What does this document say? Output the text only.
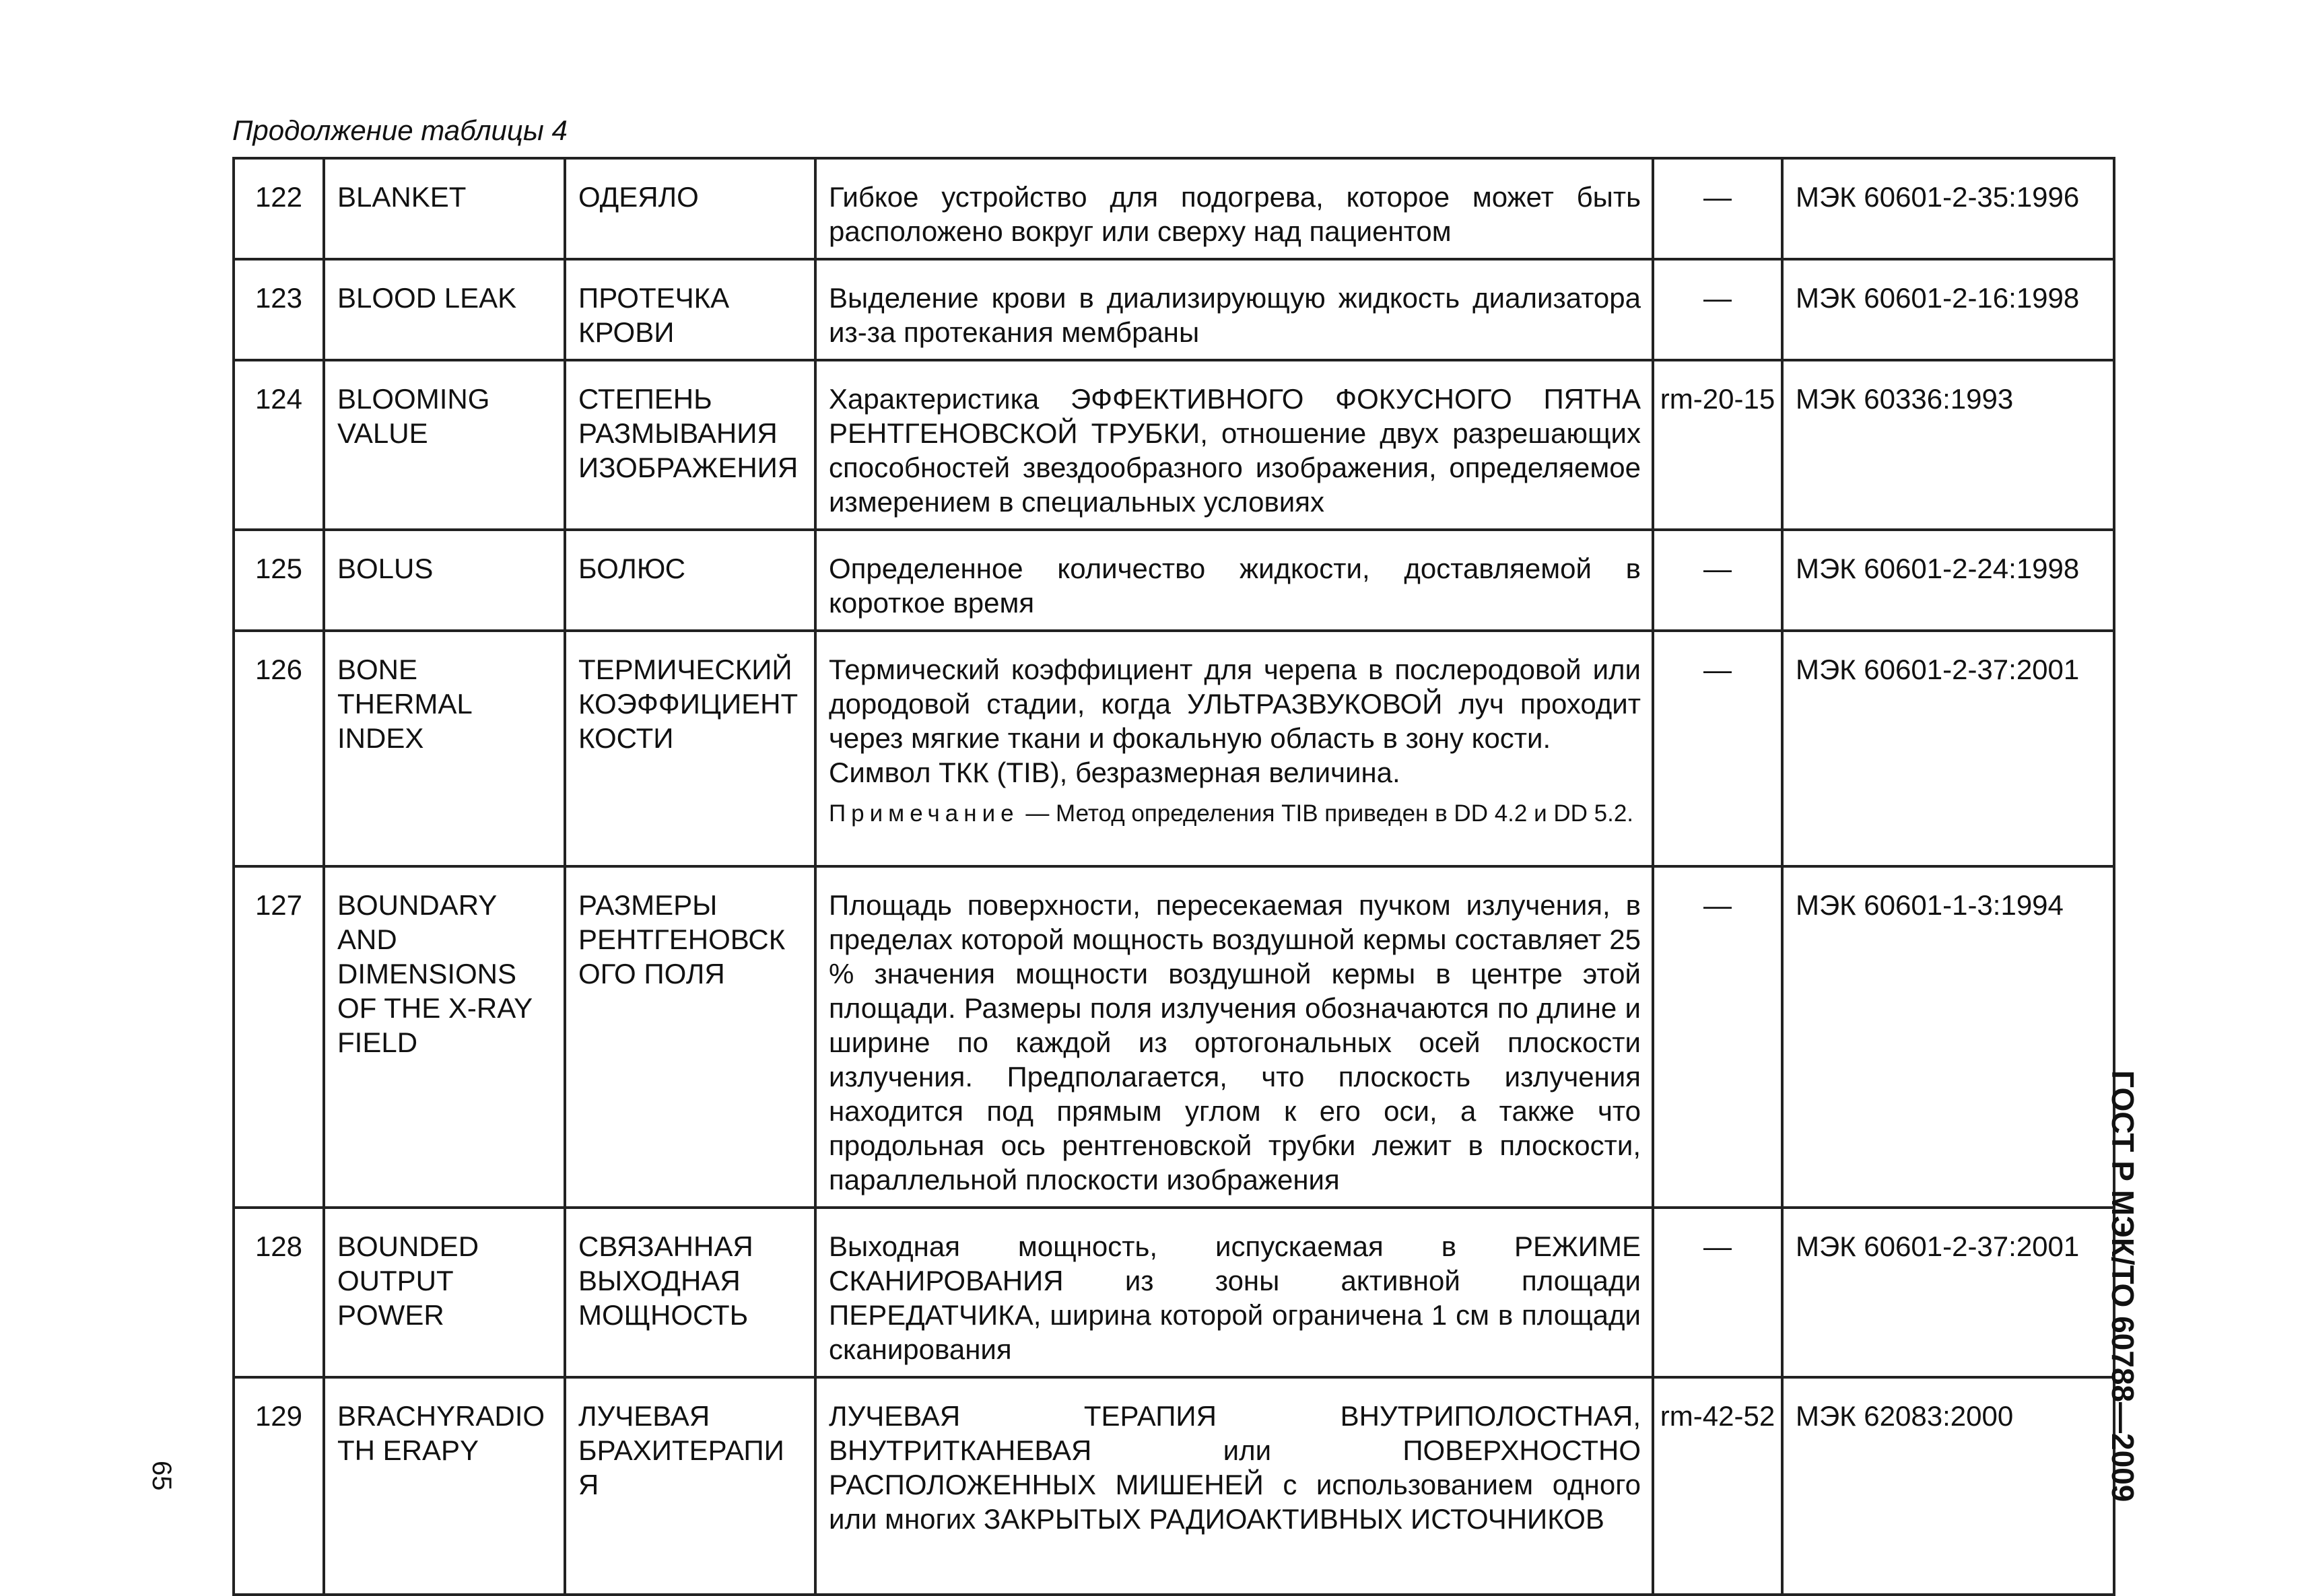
Продолжение таблицы 4
122	BLANKET	ОДЕЯЛО	Гибкое устройство для подогрева, которое может быть расположено вокруг или сверху над пациентом	—	МЭК 60601-2-35:1996
123	BLOOD LEAK	ПРОТЕЧКА КРОВИ	Выделение крови в диализирующую жидкость диализатора из-за протекания мембраны	—	МЭК 60601-2-16:1998
124	BLOOMING VALUE	СТЕПЕНЬ РАЗМЫВАНИЯ ИЗОБРАЖЕНИЯ	Характеристика ЭФФЕКТИВНОГО ФОКУСНОГО ПЯТНА РЕНТГЕНОВСКОЙ ТРУБКИ, отношение двух разрешающих способностей звездообразного изображения, определяемое измерением в специальных условиях	rm-20-15	МЭК 60336:1993
125	BOLUS	БОЛЮС	Определенное количество жидкости, доставляемой в короткое время	—	МЭК 60601-2-24:1998
126	BONE THERMAL INDEX	ТЕРМИЧЕСКИЙ КОЭФФИЦИЕНТ КОСТИ	Термический коэффициент для черепа в послеродовой или дородовой стадии, когда УЛЬТРАЗВУКОВОЙ луч проходит через мягкие ткани и фокальную область в зону кости.
Символ ТКК (TIB), безразмерная величина.
Примечание — Метод определения TIB приведен в DD 4.2 и DD 5.2.	—	МЭК 60601-2-37:2001
127	BOUNDARY AND DIMENSIONS OF THE X-RAY FIELD	РАЗМЕРЫ РЕНТГЕНОВСКОГО ПОЛЯ	Площадь поверхности, пересекаемая пучком излучения, в пределах которой мощность воздушной кермы составляет 25 % значения мощности воздушной кермы в центре этой площади. Размеры поля излучения обозначаются по длине и ширине по каждой из ортогональных осей плоскости излучения. Предполагается, что плоскость излучения находится под прямым углом к его оси, а также что продольная ось рентгеновской трубки лежит в плоскости, параллельной плоскости изображения	—	МЭК 60601-1-3:1994
128	BOUNDED OUTPUT POWER	СВЯЗАННАЯ ВЫХОДНАЯ МОЩНОСТЬ	Выходная мощность, испускаемая в РЕЖИМЕ СКАНИРОВАНИЯ из зоны активной площади ПЕРЕДАТЧИКА, ширина которой ограничена 1 см в площади сканирования	—	МЭК 60601-2-37:2001
129	BRACHYRADIOTH ERAPY	ЛУЧЕВАЯ БРАХИТЕРАПИЯ	ЛУЧЕВАЯ ТЕРАПИЯ ВНУТРИПОЛОСТНАЯ, ВНУТРИТКАНЕВАЯ или ПОВЕРХНОСТНО РАСПОЛОЖЕННЫХ МИШЕНЕЙ с использованием одного или многих ЗАКРЫТЫХ РАДИОАКТИВНЫХ ИСТОЧНИКОВ	rm-42-52	МЭК 62083:2000	ГОСТ Р МЭК/ТО 60788—2009
65
